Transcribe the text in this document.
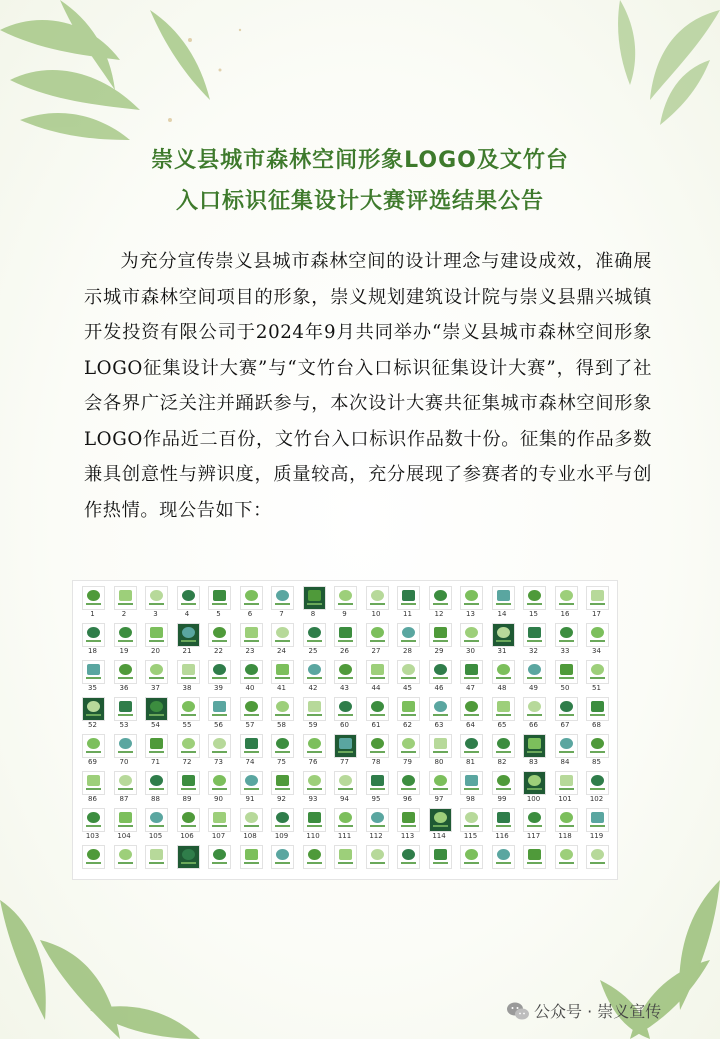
崇义县城市森林空间形象LOGO及文竹台
入口标识征集设计大赛评选结果公告

为充分宣传崇义县城市森林空间的设计理念与建设成效，准确展示城市森林空间项目的形象，崇义规划建筑设计院与崇义县鼎兴城镇开发投资有限公司于2024年9月共同举办“崇义县城市森林空间形象LOGO征集设计大赛”与“文竹台入口标识征集设计大赛”，得到了社会各界广泛关注并踊跃参与，本次设计大赛共征集城市森林空间形象LOGO作品近二百份，文竹台入口标识作品数十份。征集的作品多数兼具创意性与辨识度，质量较高，充分展现了参赛者的专业水平与创作热情。现公告如下：

1	2	3	4	5	6	7	8	9	10	11	12	13	14	15	16	17
18	19	20	21	22	23	24	25	26	27	28	29	30	31	32	33	34
35	36	37	38	39	40	41	42	43	44	45	46	47	48	49	50	51
52	53	54	55	56	57	58	59	60	61	62	63	64	65	66	67	68
69	70	71	72	73	74	75	76	77	78	79	80	81	82	83	84	85
86	87	88	89	90	91	92	93	94	95	96	97	98	99	100	101	102
103	104	105	106	107	108	109	110	111	112	113	114	115	116	117	118	119
公众号 · 崇义宣传
